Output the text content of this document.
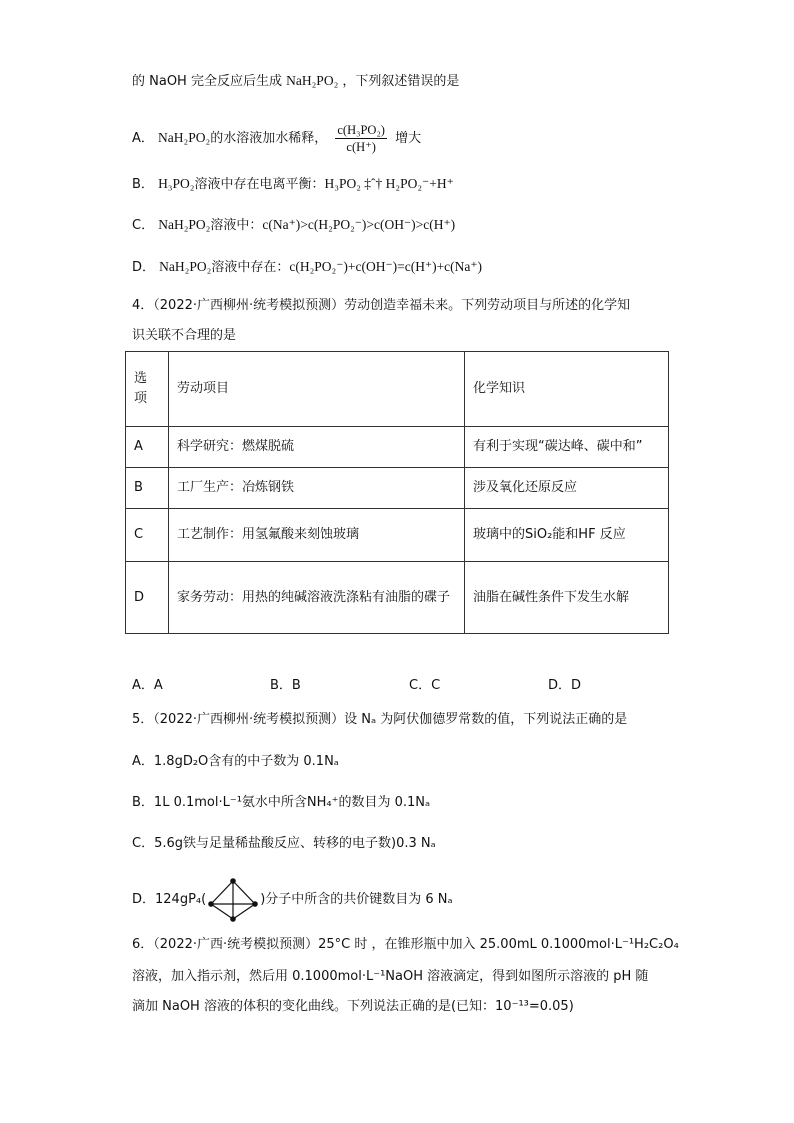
的 NaOH 完全反应后生成 NaH₂PO₂ ，下列叙述错误的是
A． NaH₂PO₂的水溶液加水稀释， $\frac{\text{c(H₃PO₂)}}{c(H^+)}$ 增大
B． H₃PO₂溶液中存在电离平衡：H₃PO₂ ‡ˆ† H₂PO₂⁻+H⁺
C． NaH₂PO₂溶液中：c(Na⁺)>c(H₂PO₂⁻)>c(OH⁻)>c(H⁺)
D． NaH₂PO₂溶液中存在：c(H₂PO₂⁻)+c(OH⁻)=c(H⁺)+c(Na⁺)
4．（2022·广西柳州·统考模拟预测）劳动创造幸福未来。下列劳动项目与所述的化学知
识关联不合理的是
选
项	劳动项目	化学知识
A	科学研究：燃煤脱硫	有利于实现“碳达峰、碳中和”
B	工厂生产：冶炼钢铁	涉及氧化还原反应
C	工艺制作：用氢氟酸来刻蚀玻璃	玻璃中的SiO₂能和HF 反应
D	家务劳动：用热的纯碱溶液洗涤粘有油脂的碟子	油脂在碱性条件下发生水解
A．A	B．B	C．C	D．D
5．（2022·广西柳州·统考模拟预测）设 Nₐ 为阿伏伽德罗常数的值，下列说法正确的是
A．1.8gD₂O含有的中子数为 0.1Nₐ
B．1L 0.1mol·L⁻¹氨水中所含NH₄⁺的数目为 0.1Nₐ
C．5.6g铁与足量稀盐酸反应、转移的电子数)0.3 Nₐ
D．124gP₄(	)分子中所含的共价键数目为 6 Nₐ
6．（2022·广西·统考模拟预测）25°C 时 ，在锥形瓶中加入 25.00mL 0.1000mol·L⁻¹H₂C₂O₄
溶液，加入指示剂，然后用 0.1000mol·L⁻¹NaOH 溶液滴定，得到如图所示溶液的 pH 随
滴加 NaOH 溶液的体积的变化曲线。下列说法正确的是(已知：10⁻¹³=0.05)
